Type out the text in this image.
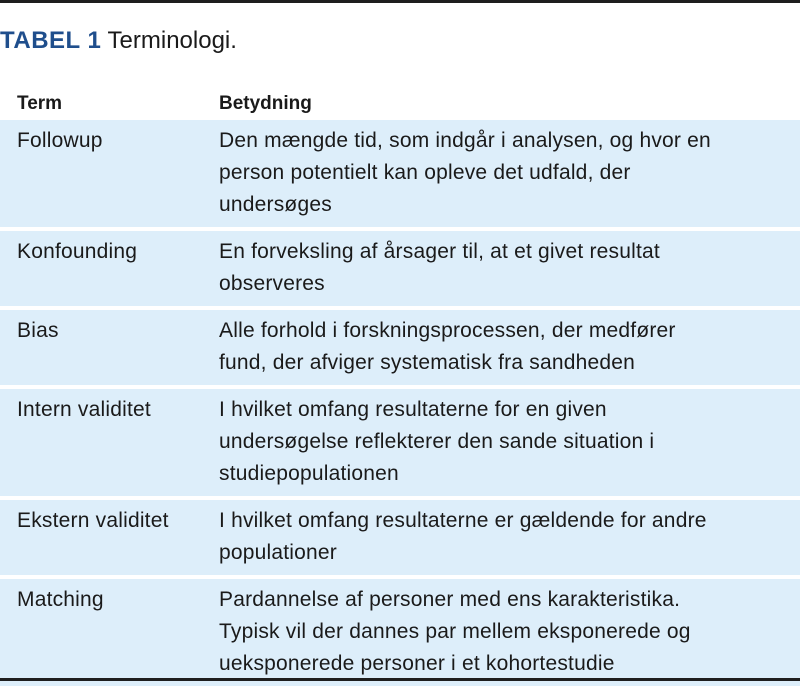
TABEL 1 Terminologi.
Term	Betydning
Followup	Den mængde tid, som indgår i analysen, og hvor en
person potentielt kan opleve det udfald, der
undersøges
Konfounding	En forveksling af årsager til, at et givet resultat
observeres
Bias	Alle forhold i forskningsprocessen, der medfører
fund, der afviger systematisk fra sandheden
Intern validitet	I hvilket omfang resultaterne for en given
undersøgelse reflekterer den sande situation i
studiepopulationen
Ekstern validitet	I hvilket omfang resultaterne er gældende for andre
populationer
Matching	Pardannelse af personer med ens karakteristika.
Typisk vil der dannes par mellem eksponerede og
ueksponerede personer i et kohortestudie
